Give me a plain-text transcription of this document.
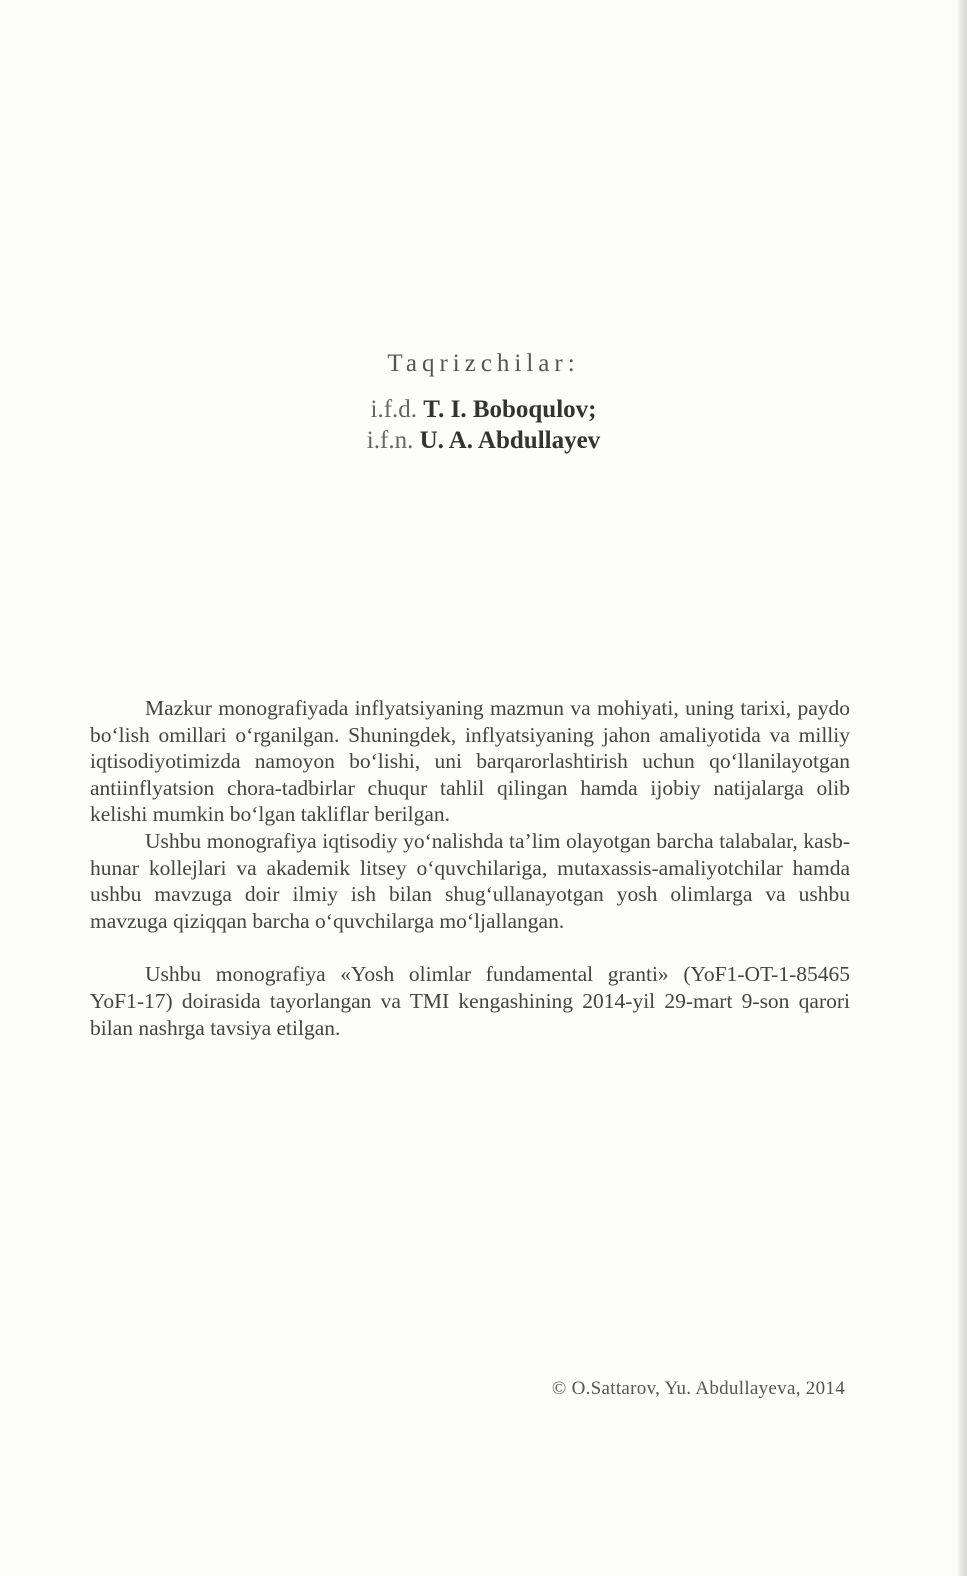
Taqrizchilar:
i.f.d. T. I. Boboqulov;
i.f.n. U. A. Abdullayev

Mazkur monografiyada inflyatsiyaning mazmun va mohiyati, uning tarixi, paydo bo‘lish omillari o‘rganilgan. Shuningdek, inflyatsiyaning jahon amaliyotida va milliy iqtisodiyotimizda namoyon bo‘lishi, uni barqarorlashtirish uchun qo‘llanilayotgan antiinflyatsion chora-tadbirlar chuqur tahlil qilingan hamda ijobiy natijalarga olib kelishi mumkin bo‘lgan takliflar berilgan.

Ushbu monografiya iqtisodiy yo‘nalishda ta’lim olayotgan barcha talabalar, kasb-hunar kollejlari va akademik litsey o‘quvchilariga, mutaxassis-amaliyotchilar hamda ushbu mavzuga doir ilmiy ish bilan shug‘ullanayotgan yosh olimlarga va ushbu mavzuga qiziqqan barcha o‘quvchilarga mo‘ljallangan.

Ushbu monografiya «Yosh olimlar fundamental granti» (YoF1-OT-1-85465 YoF1-17) doirasida tayorlangan va TMI kengashining 2014-yil 29-mart 9-son qarori bilan nashrga tavsiya etilgan.

© O.Sattarov, Yu. Abdullayeva, 2014
